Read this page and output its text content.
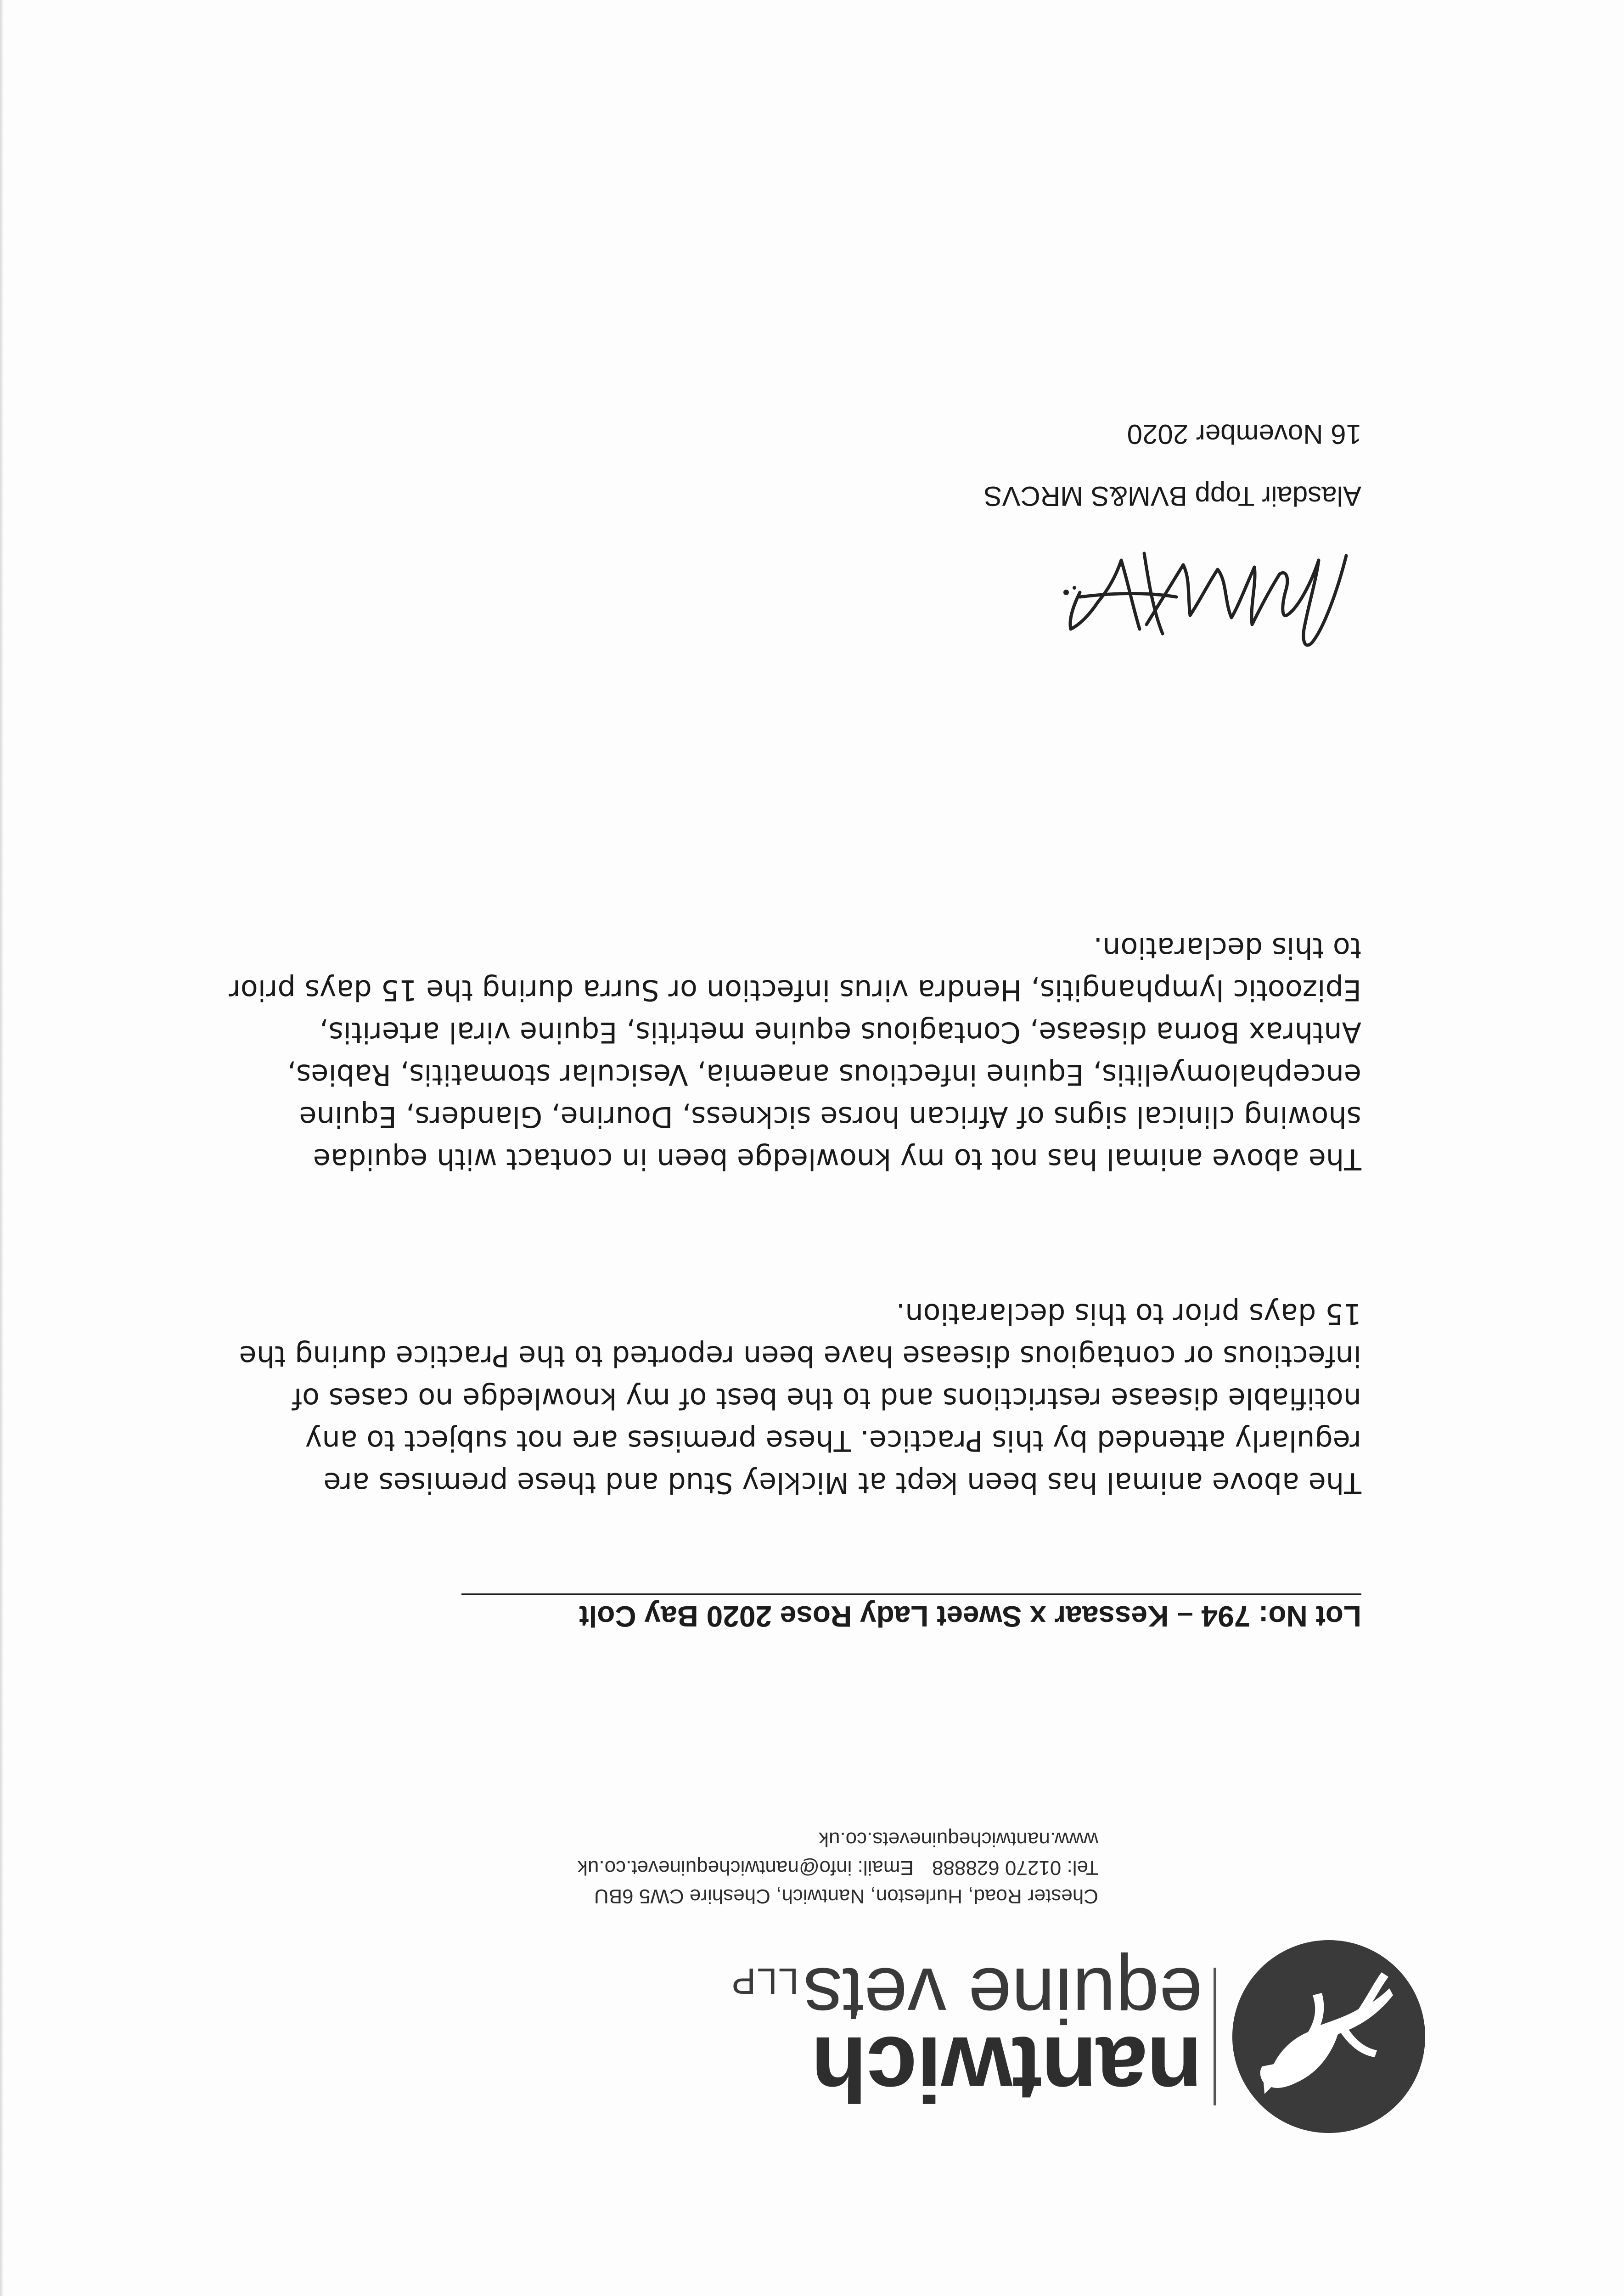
nantwich
equine vetsLLP
Chester Road, Hurleston, Nantwich, Cheshire CW5 6BU
Tel: 01270 628888Email: info@nantwichequinevet.co.uk
www.nantwichequinevets.co.uk
Lot No: 794 – Kessaar x Sweet Lady Rose 2020 Bay Colt
The above animal has been kept at Mickley Stud and these premises are
regularly attended by this Practice. These premises are not subject to any
notifiable disease restrictions and to the best of my knowledge no cases of
infectious or contagious disease have been reported to the Practice during the
15 days prior to this declaration.
The above animal has not to my knowledge been in contact with equidae
showing clinical signs of African horse sickness, Dourine, Glanders, Equine
encephalomyelitis, Equine infectious anaemia, Vesicular stomatitis, Rabies,
Anthrax Borna disease, Contagious equine metritis, Equine viral arteritis,
Epizootic lymphangitis, Hendra virus infection or Surra during the 15 days prior
to this declaration.
Alasdair Topp BVM&S MRCVS
16 November 2020
